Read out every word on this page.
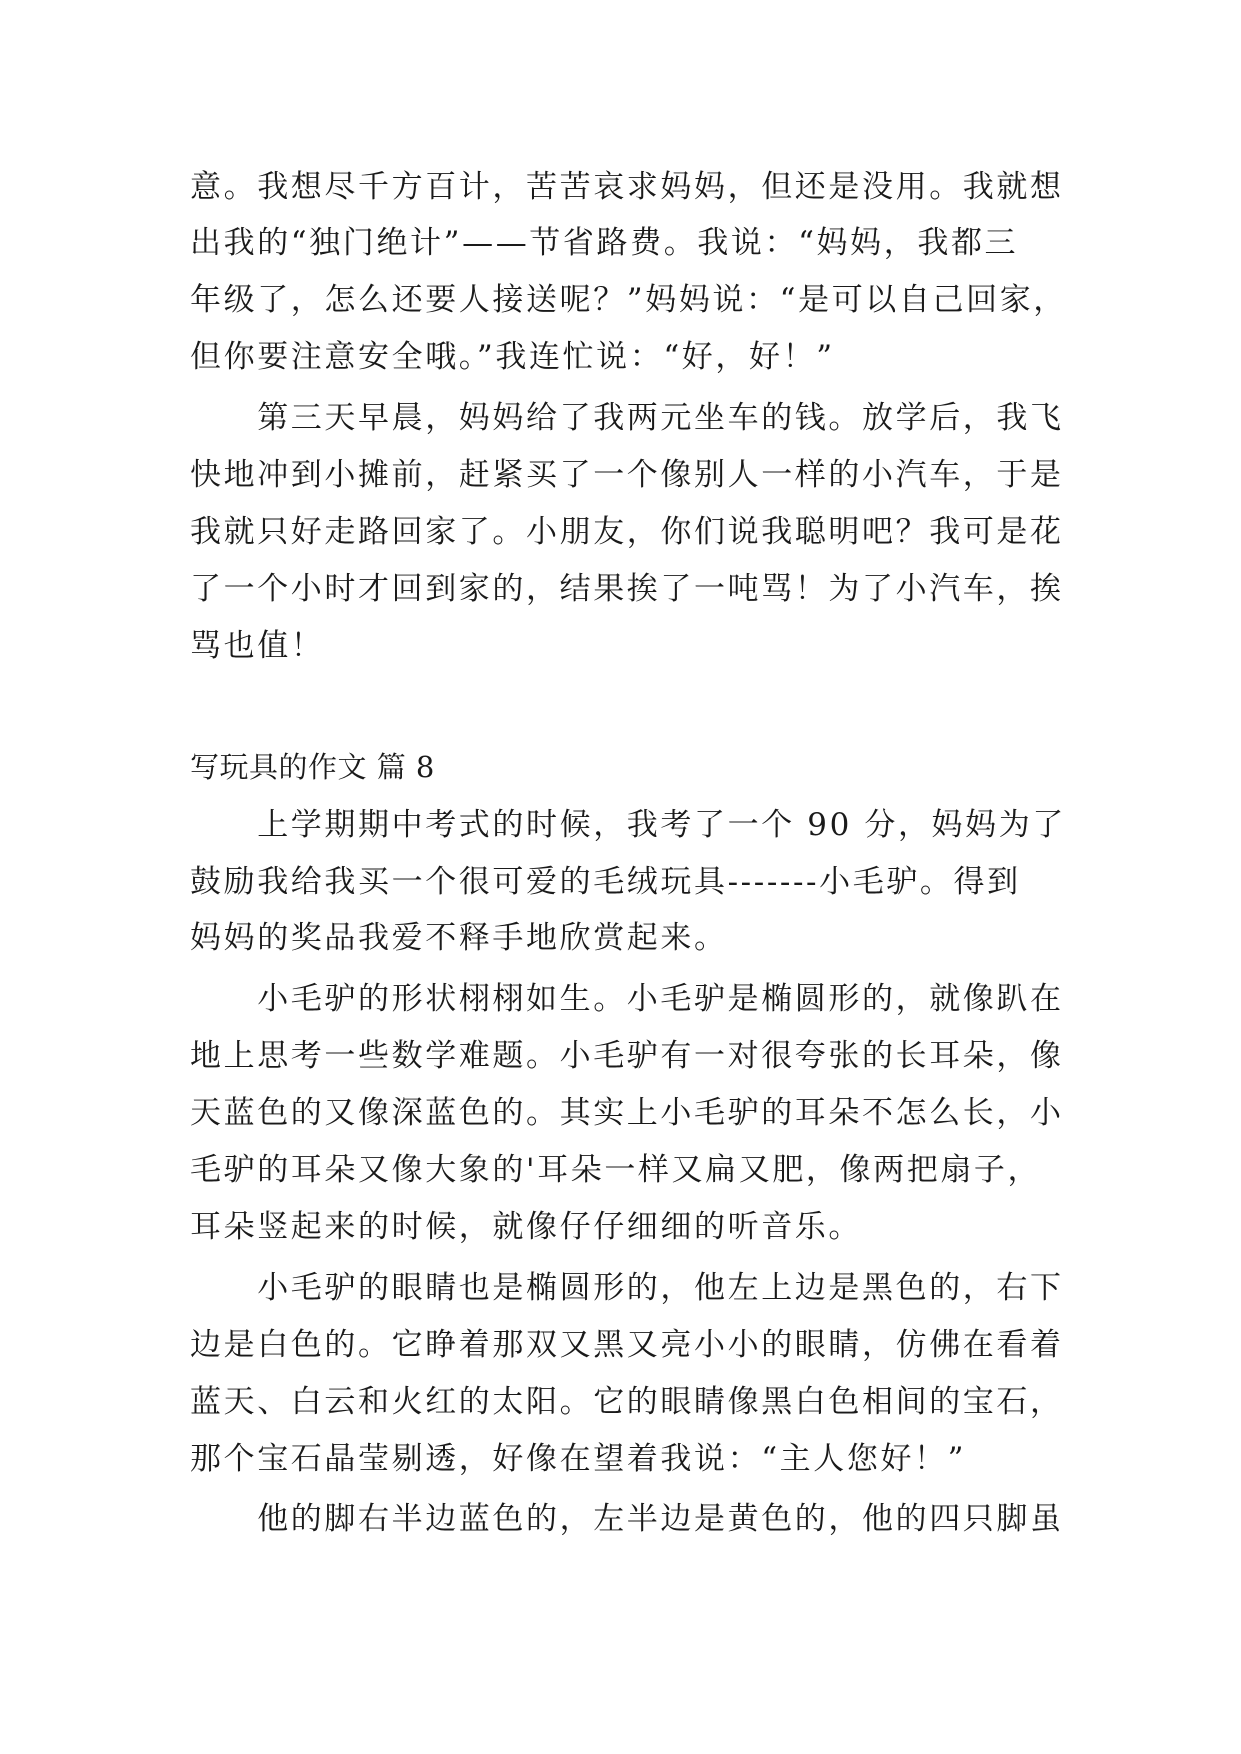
意。我想尽千方百计，苦苦哀求妈妈，但还是没用。我就想
出我的“独门绝计”——节省路费。我说：“妈妈，我都三
年级了，怎么还要人接送呢？”妈妈说：“是可以自己回家，
但你要注意安全哦。”我连忙说：“好，好！”
　　第三天早晨，妈妈给了我两元坐车的钱。放学后，我飞
快地冲到小摊前，赶紧买了一个像别人一样的小汽车，于是
我就只好走路回家了。小朋友，你们说我聪明吧？我可是花
了一个小时才回到家的，结果挨了一吨骂！为了小汽车，挨
骂也值！
写玩具的作文 篇 8
　　上学期期中考式的时候，我考了一个 90 分，妈妈为了
鼓励我给我买一个很可爱的毛绒玩具-------小毛驴。得到
妈妈的奖品我爱不释手地欣赏起来。
　　小毛驴的形状栩栩如生。小毛驴是椭圆形的，就像趴在
地上思考一些数学难题。小毛驴有一对很夸张的长耳朵，像
天蓝色的又像深蓝色的。其实上小毛驴的耳朵不怎么长，小
毛驴的耳朵又像大象的'耳朵一样又扁又肥，像两把扇子，
耳朵竖起来的时候，就像仔仔细细的听音乐。
　　小毛驴的眼睛也是椭圆形的，他左上边是黑色的，右下
边是白色的。它睁着那双又黑又亮小小的眼睛，仿佛在看着
蓝天、白云和火红的太阳。它的眼睛像黑白色相间的宝石，
那个宝石晶莹剔透，好像在望着我说：“主人您好！”
　　他的脚右半边蓝色的，左半边是黄色的，他的四只脚虽
